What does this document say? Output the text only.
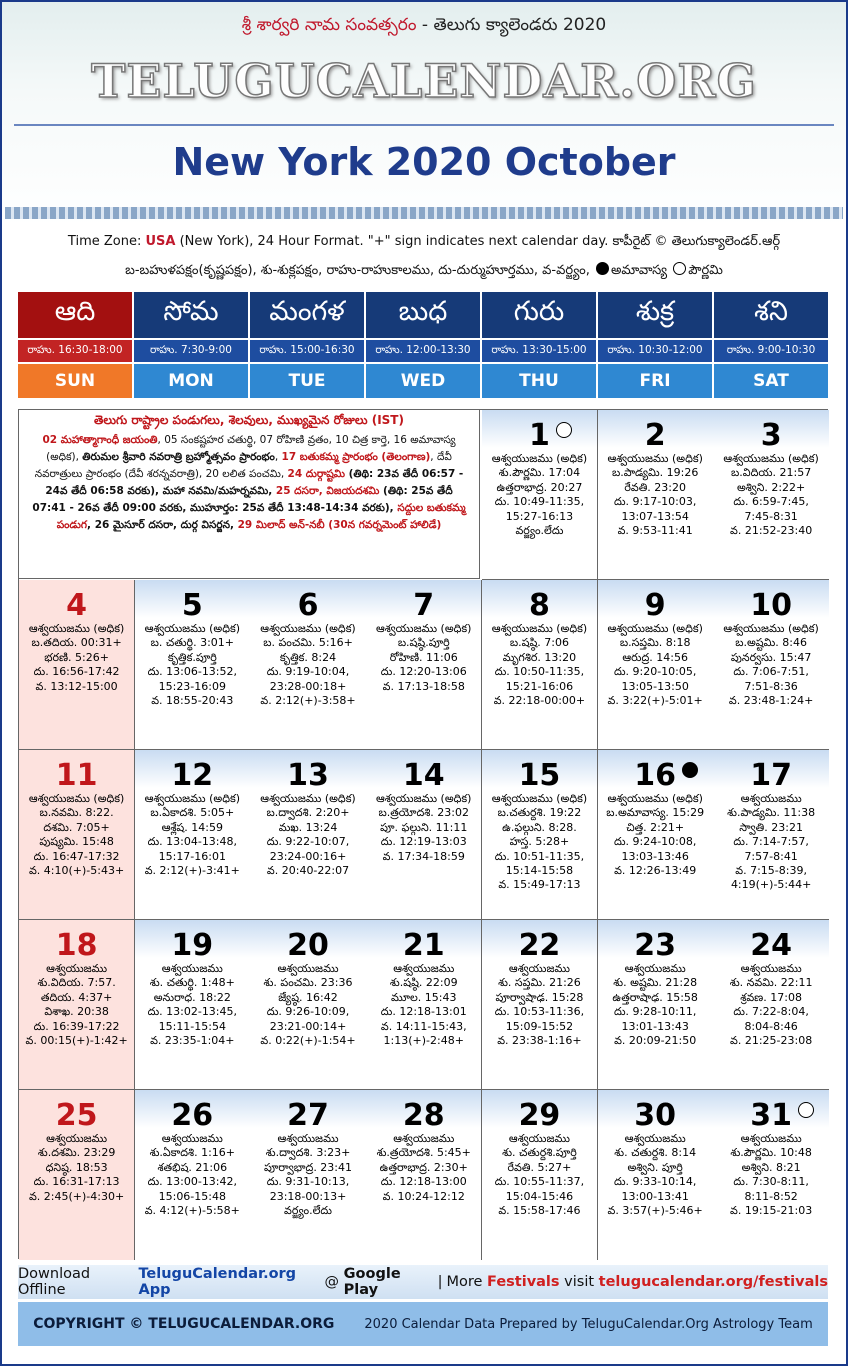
శ్రీ శార్వరి నామ సంవత్సరం - తెలుగు క్యాలెండరు 2020
TELUGUCALENDAR.ORG
New York 2020 October
Time Zone: USA (New York), 24 Hour Format. "+" sign indicates next calendar day. కాపీరైట్ © తెలుగుక్యాలెండర్.ఆర్గ్
బ-బహుళపక్షం(కృష్ణపక్షం), శు-శుక్లపక్షం, రాహు-రాహుకాలము, దు-దుర్ముహూర్తము, వ-వర్జ్యం, అమావాస్య పౌర్ణమి
ఆది
రాహు. 16:30-18:00
SUN
సోమ
రాహు. 7:30-9:00
MON
మంగళ
రాహు. 15:00-16:30
TUE
బుధ
రాహు. 12:00-13:30
WED
గురు
రాహు. 13:30-15:00
THU
శుక్ర
రాహు. 10:30-12:00
FRI
శని
రాహు. 9:00-10:30
SAT
1
ఆశ్వయుజము (అధిక)
శు.పౌర్ణమి. 17:04
ఉత్తరాభాద్ర. 20:27
దు. 10:49-11:35,
15:27-16:13
వర్జ్యం.లేదు
2
ఆశ్వయుజము (అధిక)
బ.పాడ్యమి. 19:26
రేవతి. 23:20
దు. 9:17-10:03,
13:07-13:54
వ. 9:53-11:41
3
ఆశ్వయుజము (అధిక)
బ.విదియ. 21:57
అశ్విని. 2:22+
దు. 6:59-7:45,
7:45-8:31
వ. 21:52-23:40
4
ఆశ్వయుజము (అధిక)
బ.తదియ. 00:31+
భరణి. 5:26+
దు. 16:56-17:42
వ. 13:12-15:00
5
ఆశ్వయుజము (అధిక)
బ. చతుర్థి. 3:01+
కృత్తిక.పూర్తి
దు. 13:06-13:52,
15:23-16:09
వ. 18:55-20:43
6
ఆశ్వయుజము (అధిక)
బ. పంచమి. 5:16+
కృత్తిక. 8:24
దు. 9:19-10:04,
23:28-00:18+
వ. 2:12(+)-3:58+
7
ఆశ్వయుజము (అధిక)
బ.షష్ఠి.పూర్తి
రోహిణి. 11:06
దు. 12:20-13:06
వ. 17:13-18:58
8
ఆశ్వయుజము (అధిక)
బ.షష్ఠి. 7:06
మృగశిర. 13:20
దు. 10:50-11:35,
15:21-16:06
వ. 22:18-00:00+
9
ఆశ్వయుజము (అధిక)
బ.సప్తమి. 8:18
ఆరుద్ర. 14:56
దు. 9:20-10:05,
13:05-13:50
వ. 3:22(+)-5:01+
10
ఆశ్వయుజము (అధిక)
బ.అష్టమి. 8:46
పునర్వసు. 15:47
దు. 7:06-7:51,
7:51-8:36
వ. 23:48-1:24+
11
ఆశ్వయుజము (అధిక)
బ.నవమి. 8:22.
దశమి. 7:05+
పుష్యమి. 15:48
దు. 16:47-17:32
వ. 4:10(+)-5:43+
12
ఆశ్వయుజము (అధిక)
బ.ఏకాదశి. 5:05+
ఆశ్లేష. 14:59
దు. 13:04-13:48,
15:17-16:01
వ. 2:12(+)-3:41+
13
ఆశ్వయుజము (అధిక)
బ.ద్వాదశి. 2:20+
మఖ. 13:24
దు. 9:22-10:07,
23:24-00:16+
వ. 20:40-22:07
14
ఆశ్వయుజము (అధిక)
బ.త్రయోదశి. 23:02
పూ. ఫల్గుని. 11:11
దు. 12:19-13:03
వ. 17:34-18:59
15
ఆశ్వయుజము (అధిక)
బ.చతుర్దశి. 19:22
ఉ.ఫల్గుని. 8:28.
హస్త. 5:28+
దు. 10:51-11:35,
15:14-15:58
వ. 15:49-17:13
16
ఆశ్వయుజము (అధిక)
బ.అమావాస్య. 15:29
చిత్త. 2:21+
దు. 9:24-10:08,
13:03-13:46
వ. 12:26-13:49
17
ఆశ్వయుజము
శు.పాడ్యమి. 11:38
స్వాతి. 23:21
దు. 7:14-7:57,
7:57-8:41
వ. 7:15-8:39,
4:19(+)-5:44+
18
ఆశ్వయుజము
శు.విదియ. 7:57.
తదియ. 4:37+
విశాఖ. 20:38
దు. 16:39-17:22
వ. 00:15(+)-1:42+
19
ఆశ్వయుజము
శు. చతుర్థి. 1:48+
అనురాధ. 18:22
దు. 13:02-13:45,
15:11-15:54
వ. 23:35-1:04+
20
ఆశ్వయుజము
శు. పంచమి. 23:36
జ్యేష్ఠ. 16:42
దు. 9:26-10:09,
23:21-00:14+
వ. 0:22(+)-1:54+
21
ఆశ్వయుజము
శు.షష్ఠి. 22:09
మూల. 15:43
దు. 12:18-13:01
వ. 14:11-15:43,
1:13(+)-2:48+
22
ఆశ్వయుజము
శు. సప్తమి. 21:26
పూర్వాషాఢ. 15:28
దు. 10:53-11:36,
15:09-15:52
వ. 23:38-1:16+
23
ఆశ్వయుజము
శు. అష్టమి. 21:28
ఉత్తరాషాఢ. 15:58
దు. 9:28-10:11,
13:01-13:43
వ. 20:09-21:50
24
ఆశ్వయుజము
శు. నవమి. 22:11
శ్రవణ. 17:08
దు. 7:22-8:04,
8:04-8:46
వ. 21:25-23:08
25
ఆశ్వయుజము
శు.దశమి. 23:29
ధనిష్ఠ. 18:53
దు. 16:31-17:13
వ. 2:45(+)-4:30+
26
ఆశ్వయుజము
శు.ఏకాదశి. 1:16+
శతభిష. 21:06
దు. 13:00-13:42,
15:06-15:48
వ. 4:12(+)-5:58+
27
ఆశ్వయుజము
శు.ద్వాదశి. 3:23+
పూర్వాభాద్ర. 23:41
దు. 9:31-10:13,
23:18-00:13+
వర్జ్యం.లేదు
28
ఆశ్వయుజము
శు.త్రయోదశి. 5:45+
ఉత్తరాభాద్ర. 2:30+
దు. 12:18-13:00
వ. 10:24-12:12
29
ఆశ్వయుజము
శు. చతుర్దశి.పూర్తి
రేవతి. 5:27+
దు. 10:55-11:37,
15:04-15:46
వ. 15:58-17:46
30
ఆశ్వయుజము
శు. చతుర్దశి. 8:14
అశ్విని. పూర్తి
దు. 9:33-10:14,
13:00-13:41
వ. 3:57(+)-5:46+
31
ఆశ్వయుజము
శు.పౌర్ణమి. 10:48
అశ్విని. 8:21
దు. 7:30-8:11,
8:11-8:52
వ. 19:15-21:03
తెలుగు రాష్ట్రాల పండుగలు, శెలవులు, ముఖ్యమైన రోజులు (IST)
02 మహాత్మాగాంధీ జయంతి, 05 సంకష్టహర చతుర్థి, 07 రోహిణి వ్రతం, 10 చిత్ర కార్తె, 16 అమావాస్య (అధిక), తిరుమల శ్రీవారి నవరాత్రి బ్రహ్మోత్సవం ప్రారంభం, 17 బతుకమ్మ ప్రారంభం (తెలంగాణ), దేవీ నవరాత్రులు ప్రారంభం (దేవీ శరన్నవరాత్రి), 20 లలిత పంచమి, 24 దుర్గాష్టమి (తిథి: 23వ తేదీ 06:57 - 24వ తేదీ 06:58 వరకు), మహా నవమి/మహర్నవమి, 25 దసరా, విజయదశమి (తిథి: 25వ తేదీ 07:41 - 26వ తేదీ 09:00 వరకు, ముహూర్తం: 25వ తేదీ 13:48-14:34 వరకు), సద్దుల బతుకమ్మ పండుగ, 26 మైసూర్ దసరా, దుర్గ విసర్జన, 29 మిలాద్ అన్-నబీ (30న గవర్నమెంట్ హాలిడే)
Download Offline

TeluguCalendar.org App
	@
Google Play	| More
Festivals
visit
telugucalendar.org/festivals
COPYRIGHT © TELUGUCALENDAR.ORG 2020 Calendar Data Prepared by TeluguCalendar.Org Astrology Team
